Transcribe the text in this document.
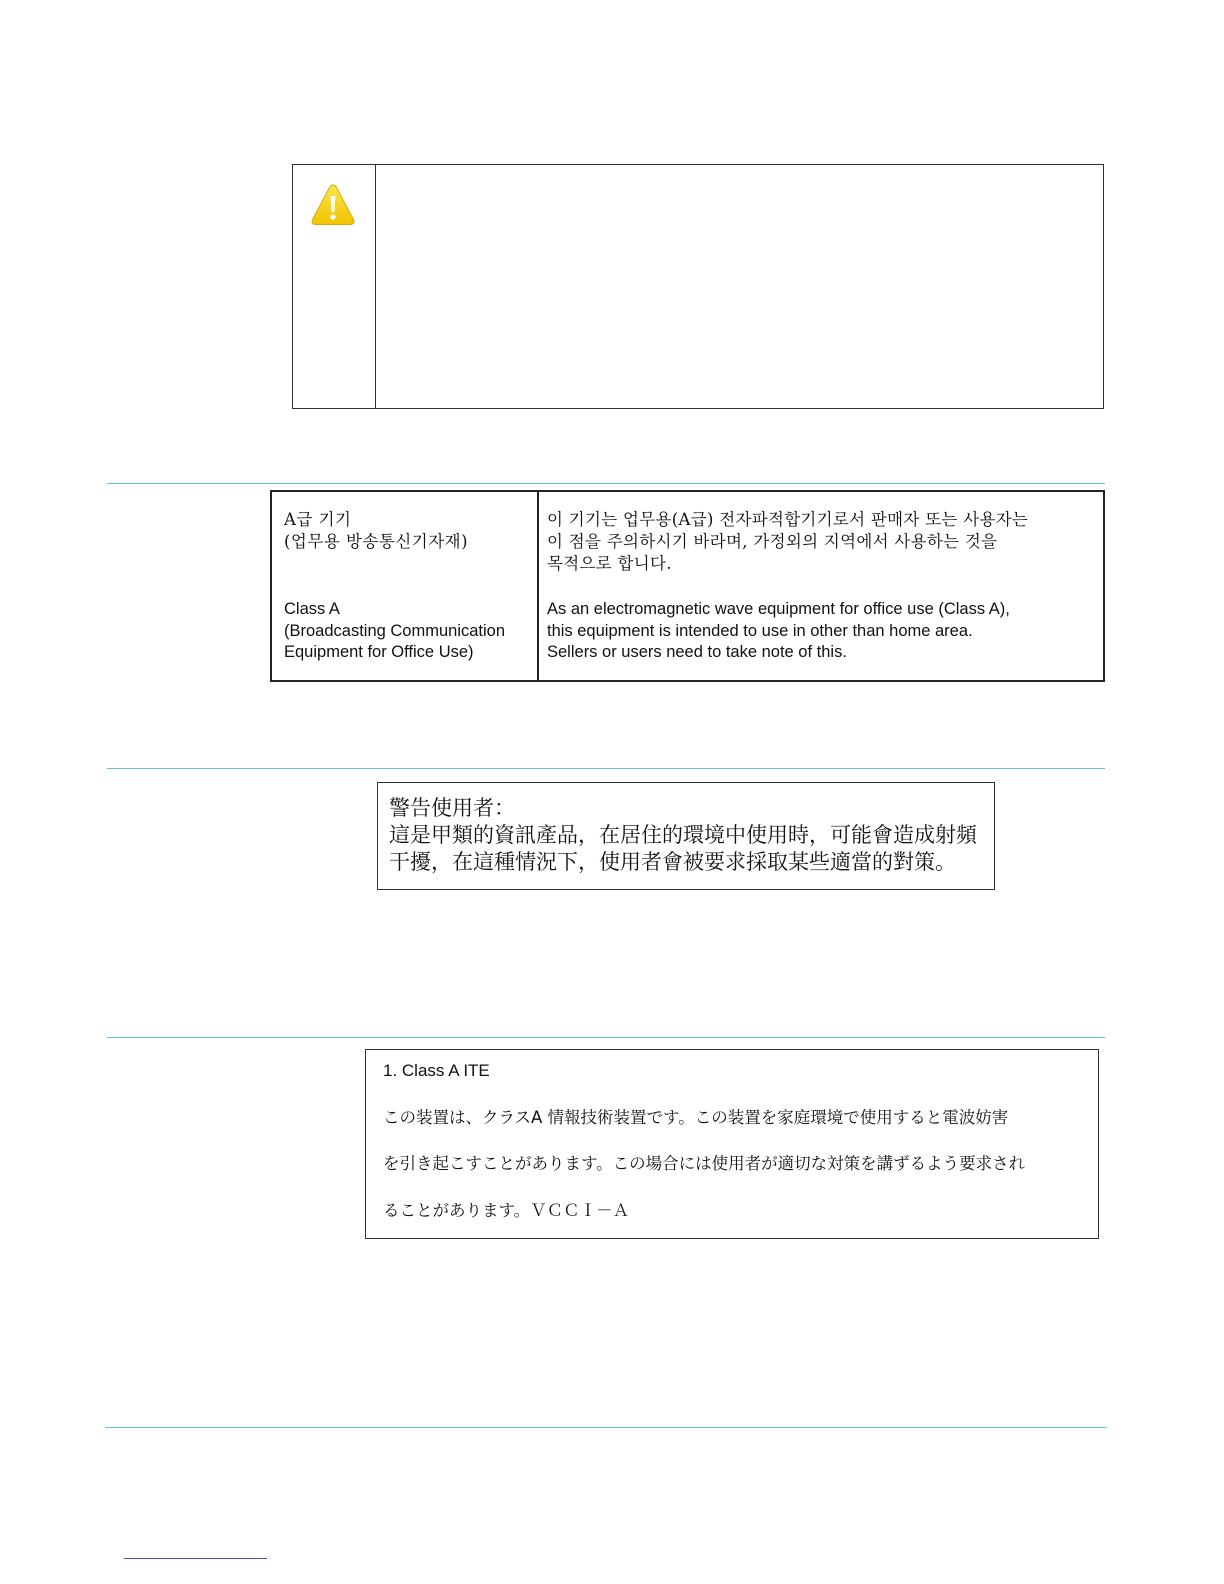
A급 기기
(업무용 방송통신기자재)
Class A
(Broadcasting Communication
Equipment for Office Use)
이 기기는 업무용(A급) 전자파적합기기로서 판매자 또는 사용자는
이 점을 주의하시기 바라며, 가정외의 지역에서 사용하는 것을
목적으로 합니다.
As an electromagnetic wave equipment for office use (Class A),
this equipment is intended to use in other than home area.
Sellers or users need to take note of this.
警告使用者：
這是甲類的資訊產品，在居住的環境中使用時，可能會造成射頻
干擾，在這種情況下，使用者會被要求採取某些適當的對策。
1. Class A ITE
この装置は、クラスA 情報技術装置です。この装置を家庭環境で使用すると電波妨害
を引き起こすことがあります。この場合には使用者が適切な対策を講ずるよう要求され
ることがあります。ＶＣＣＩ－Ａ
